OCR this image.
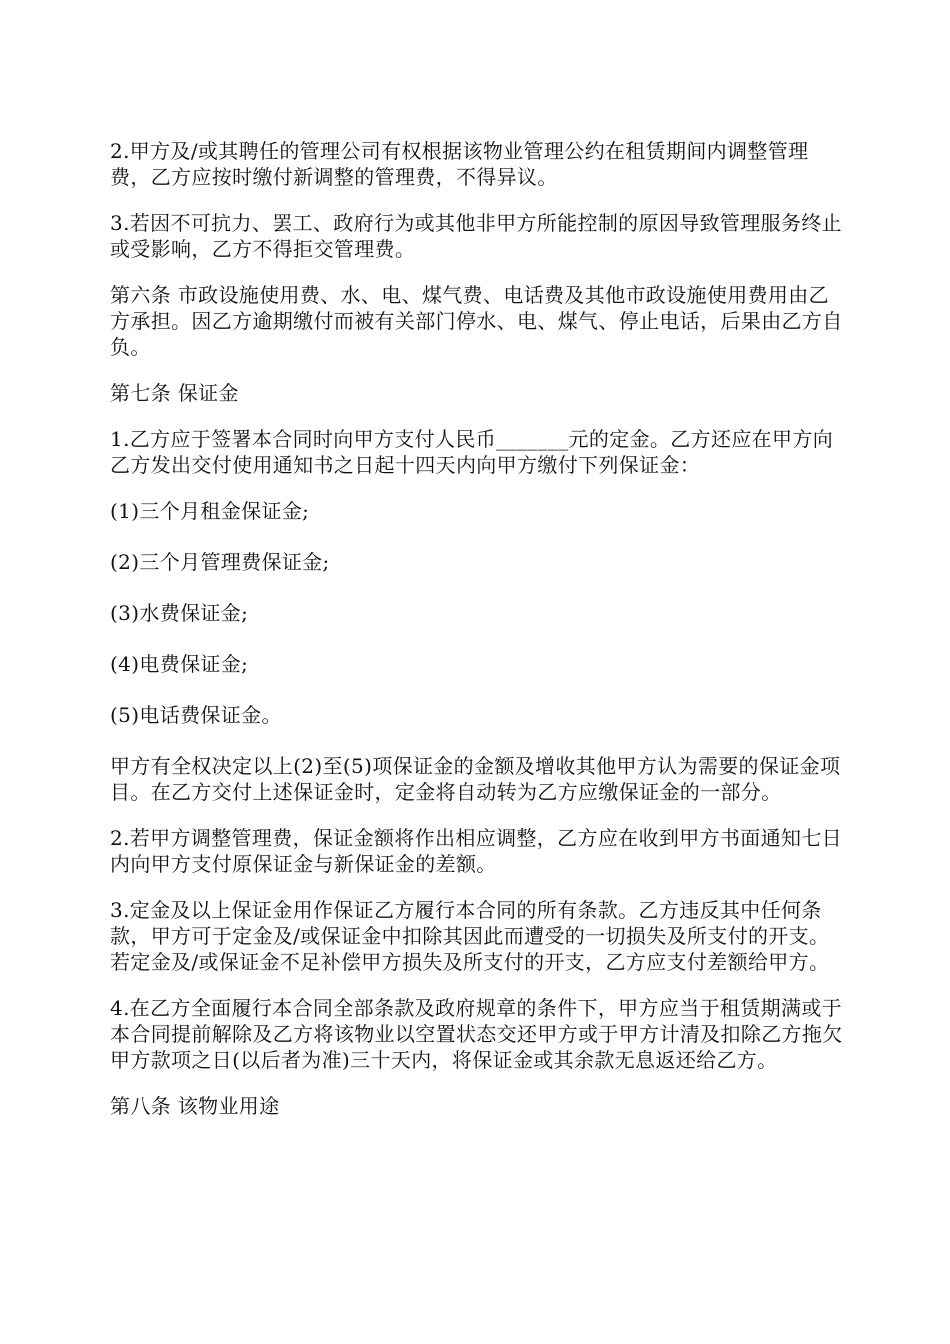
2.甲方及/或其聘任的管理公司有权根据该物业管理公约在租赁期间内调整管理费，乙方应按时缴付新调整的管理费，不得异议。

3.若因不可抗力、罢工、政府行为或其他非甲方所能控制的原因导致管理服务终止或受影响，乙方不得拒交管理费。

第六条 市政设施使用费、水、电、煤气费、电话费及其他市政设施使用费用由乙方承担。因乙方逾期缴付而被有关部门停水、电、煤气、停止电话，后果由乙方自负。

第七条 保证金

1.乙方应于签署本合同时向甲方支付人民币_______元的定金。乙方还应在甲方向乙方发出交付使用通知书之日起十四天内向甲方缴付下列保证金：

(1)三个月租金保证金;

(2)三个月管理费保证金;

(3)水费保证金;

(4)电费保证金;

(5)电话费保证金。

甲方有全权决定以上(2)至(5)项保证金的金额及增收其他甲方认为需要的保证金项目。在乙方交付上述保证金时，定金将自动转为乙方应缴保证金的一部分。

2.若甲方调整管理费，保证金额将作出相应调整，乙方应在收到甲方书面通知七日内向甲方支付原保证金与新保证金的差额。

3.定金及以上保证金用作保证乙方履行本合同的所有条款。乙方违反其中任何条款，甲方可于定金及/或保证金中扣除其因此而遭受的一切损失及所支付的开支。若定金及/或保证金不足补偿甲方损失及所支付的开支，乙方应支付差额给甲方。

4.在乙方全面履行本合同全部条款及政府规章的条件下，甲方应当于租赁期满或于本合同提前解除及乙方将该物业以空置状态交还甲方或于甲方计清及扣除乙方拖欠甲方款项之日(以后者为准)三十天内，将保证金或其余款无息返还给乙方。

第八条 该物业用途
